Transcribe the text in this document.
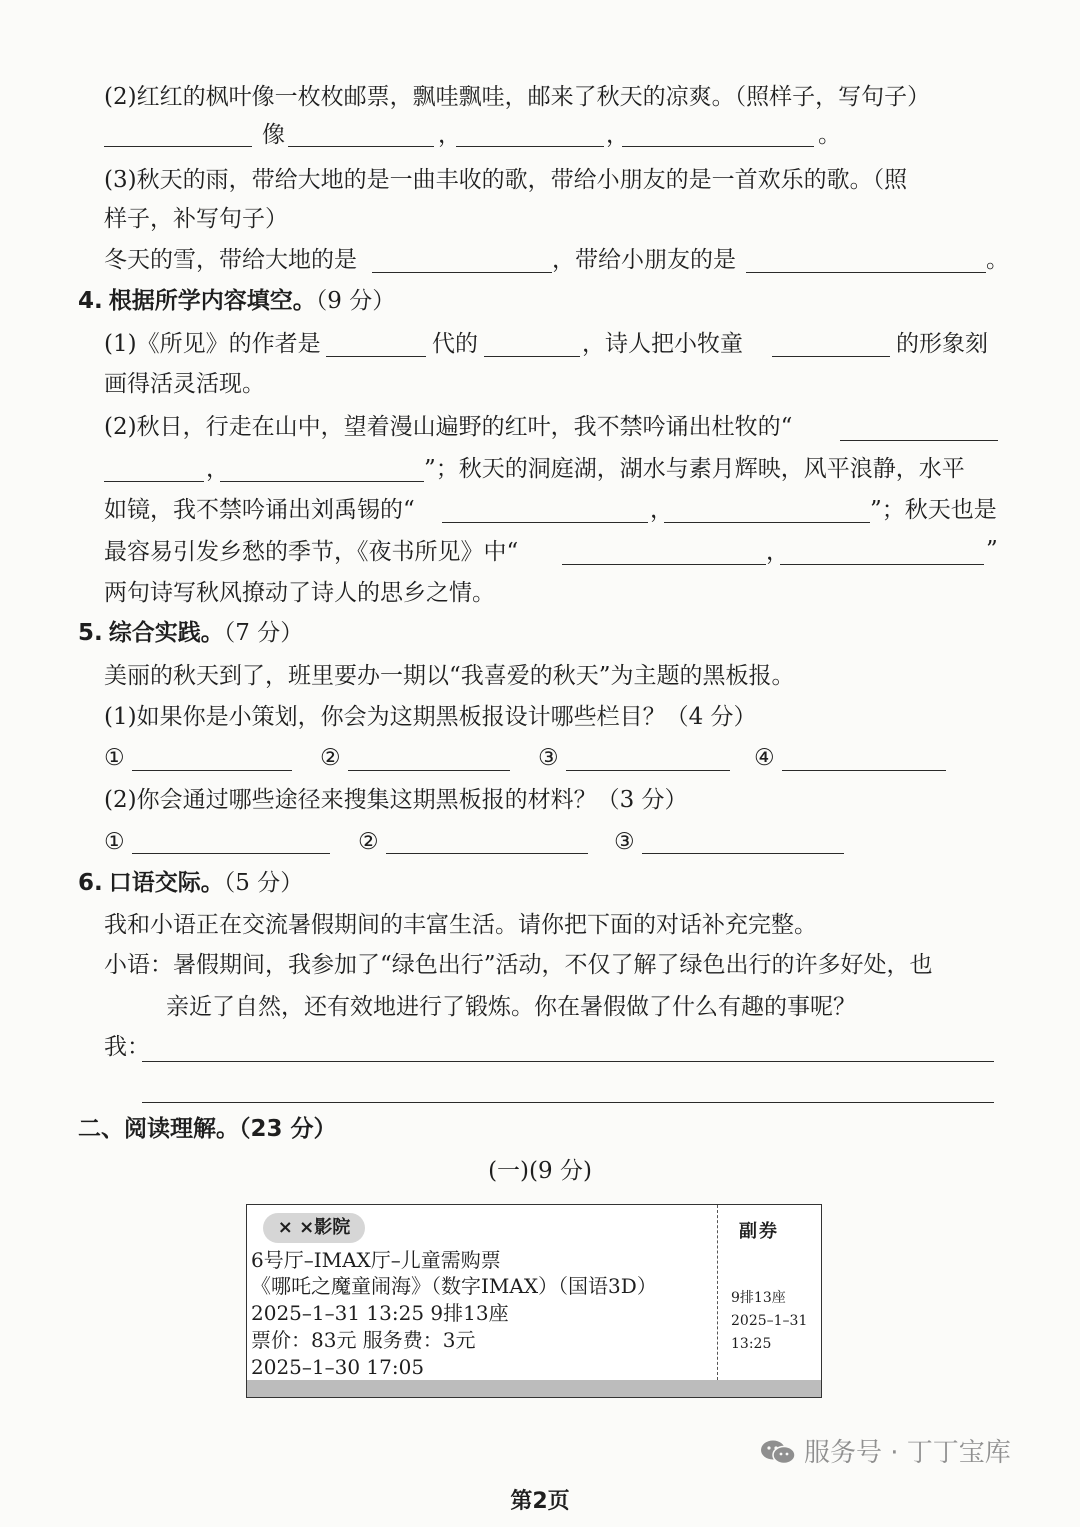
(2)红红的枫叶像一枚枚邮票，飘哇飘哇，邮来了秋天的凉爽。（照样子，写句子）
像	，	，	。
(3)秋天的雨，带给大地的是一曲丰收的歌，带给小朋友的是一首欢乐的歌。（照
样子，补写句子）
冬天的雪，带给大地的是	，带给小朋友的是	。
4. 根据所学内容填空。（9 分）
(1)《所见》的作者是	代的	，诗人把小牧童	的形象刻
画得活灵活现。
(2)秋日，行走在山中，望着漫山遍野的红叶，我不禁吟诵出杜牧的“
，	”；秋天的洞庭湖，湖水与素月辉映，风平浪静，水平
如镜，我不禁吟诵出刘禹锡的“	，	”；秋天也是
最容易引发乡愁的季节，《夜书所见》中“	，	”
两句诗写秋风撩动了诗人的思乡之情。
5. 综合实践。（7 分）
美丽的秋天到了，班里要办一期以“我喜爱的秋天”为主题的黑板报。
(1)如果你是小策划，你会为这期黑板报设计哪些栏目？（4 分）
①	②	③	④
(2)你会通过哪些途径来搜集这期黑板报的材料？（3 分）
①	②	③
6. 口语交际。（5 分）
我和小语正在交流暑假期间的丰富生活。请你把下面的对话补充完整。
小语：暑假期间，我参加了“绿色出行”活动，不仅了解了绿色出行的许多好处，也
亲近了自然，还有效地进行了锻炼。你在暑假做了什么有趣的事呢？
我：
二、阅读理解。（23 分）
(一)(9 分)
× ×影院
6号厅–IMAX厅–儿童需购票
《哪吒之魔童闹海》（数字IMAX）（国语3D）
2025–1–31 13:25 9排13座
票价：83元 服务费：3元
2025–1–30 17:05
副券
9排13座
2025–1–31
13:25
服务号 · 丁丁宝库
第2页
